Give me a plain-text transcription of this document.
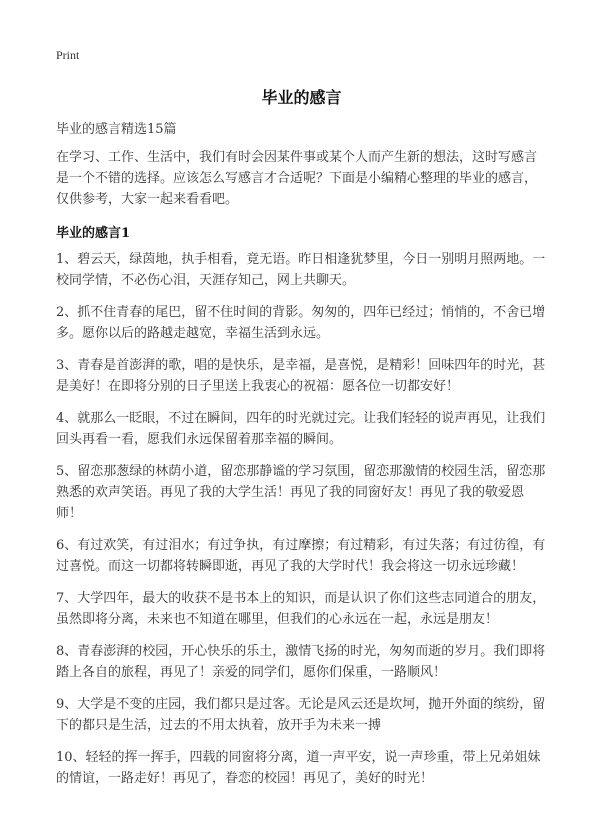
Print
毕业的感言

毕业的感言精选15篇

在学习、工作、生活中，我们有时会因某件事或某个人而产生新的想法，这时写感言是一个不错的选择。应该怎么写感言才合适呢？下面是小编精心整理的毕业的感言，仅供参考，大家一起来看看吧。

毕业的感言1
1、碧云天，绿茵地，执手相看，竟无语。昨日相逢犹梦里，今日一别明月照两地。一校同学情，不必伤心泪，天涯存知己，网上共聊天。
2、抓不住青春的尾巴，留不住时间的背影。匆匆的，四年已经过；悄悄的，不舍已增多。愿你以后的路越走越宽，幸福生活到永远。
3、青春是首澎湃的歌，唱的是快乐，是幸福，是喜悦，是精彩！回味四年的时光，甚是美好！在即将分别的日子里送上我衷心的祝福：愿各位一切都安好！
4、就那么一眨眼，不过在瞬间，四年的时光就过完。让我们轻轻的说声再见，让我们回头再看一看，愿我们永远保留着那幸福的瞬间。
5、留恋那葱绿的林荫小道，留恋那静谧的学习氛围，留恋那激情的校园生活，留恋那熟悉的欢声笑语。再见了我的大学生活！再见了我的同窗好友！再见了我的敬爱恩师！
6、有过欢笑，有过泪水；有过争执，有过摩擦；有过精彩，有过失落；有过彷徨，有过喜悦。而这一切都将转瞬即逝，再见了我的大学时代！我会将这一切永远珍藏！
7、大学四年，最大的收获不是书本上的知识，而是认识了你们这些志同道合的朋友，虽然即将分离，未来也不知道在哪里，但我们的心永远在一起，永远是朋友！
8、青春澎湃的校园，开心快乐的乐土，激情飞扬的时光，匆匆而逝的岁月。我们即将踏上各自的旅程，再见了！亲爱的同学们，愿你们保重，一路顺风！
9、大学是不变的庄园，我们都只是过客。无论是风云还是坎坷，抛开外面的缤纷，留下的都只是生活，过去的不用太执着，放开手为未来一搏
10、轻轻的挥一挥手，四载的同窗将分离，道一声平安，说一声珍重，带上兄弟姐妹的情谊，一路走好！再见了，眷恋的校园！再见了，美好的时光！
